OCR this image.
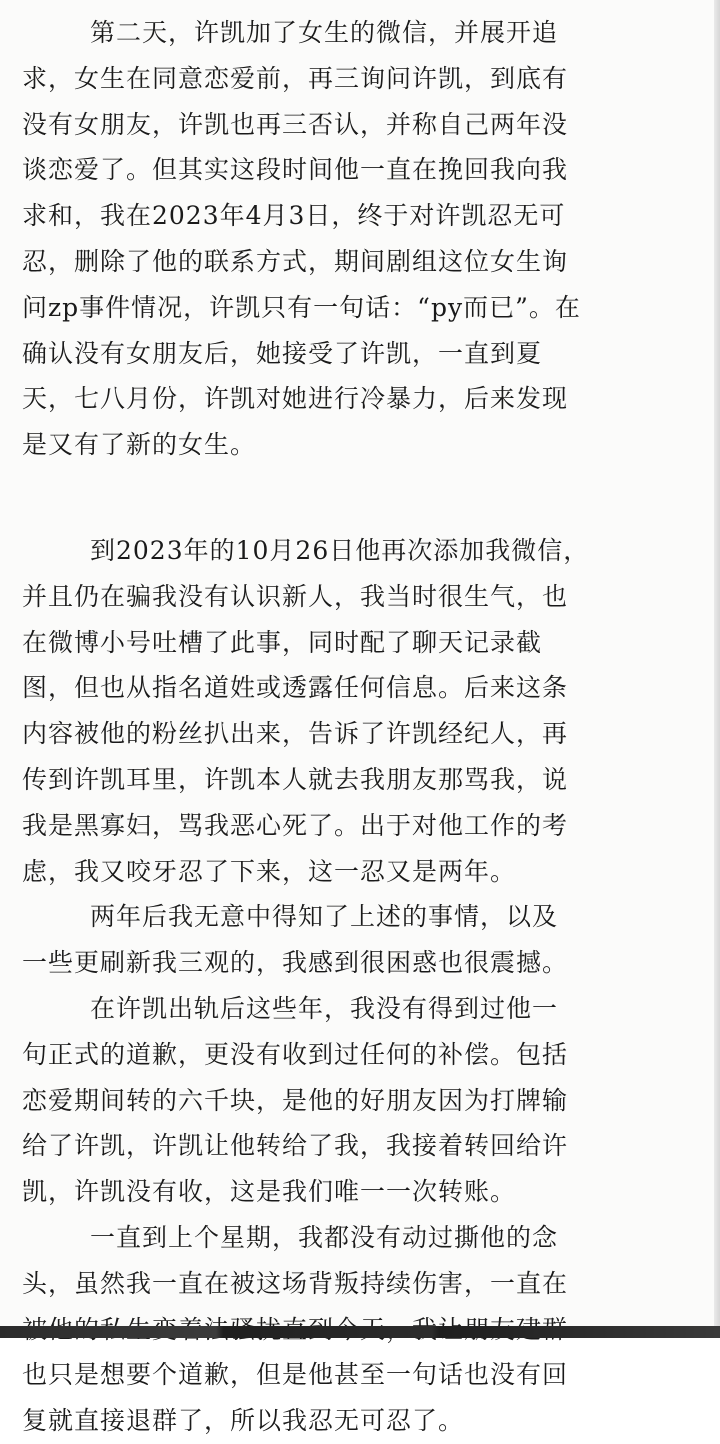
第二天，许凯加了女生的微信，并展开追
求，女生在同意恋爱前，再三询问许凯，到底有
没有女朋友，许凯也再三否认，并称自己两年没
谈恋爱了。但其实这段时间他一直在挽回我向我
求和，我在2023年4月3日，终于对许凯忍无可
忍，删除了他的联系方式，期间剧组这位女生询
问zp事件情况，许凯只有一句话：“py而已”。在
确认没有女朋友后，她接受了许凯，一直到夏
天，七八月份，许凯对她进行冷暴力，后来发现
是又有了新的女生。
到2023年的10月26日他再次添加我微信，
并且仍在骗我没有认识新人，我当时很生气，也
在微博小号吐槽了此事，同时配了聊天记录截
图，但也从指名道姓或透露任何信息。后来这条
内容被他的粉丝扒出来，告诉了许凯经纪人，再
传到许凯耳里，许凯本人就去我朋友那骂我，说
我是黑寡妇，骂我恶心死了。出于对他工作的考
虑，我又咬牙忍了下来，这一忍又是两年。
两年后我无意中得知了上述的事情，以及
一些更刷新我三观的，我感到很困惑也很震撼。
在许凯出轨后这些年，我没有得到过他一
句正式的道歉，更没有收到过任何的补偿。包括
恋爱期间转的六千块，是他的好朋友因为打牌输
给了许凯，许凯让他转给了我，我接着转回给许
凯，许凯没有收，这是我们唯一一次转账。
一直到上个星期，我都没有动过撕他的念
头，虽然我一直在被这场背叛持续伤害，一直在
也只是想要个道歉，但是他甚至一句话也没有回
复就直接退群了，所以我忍无可忍了。
